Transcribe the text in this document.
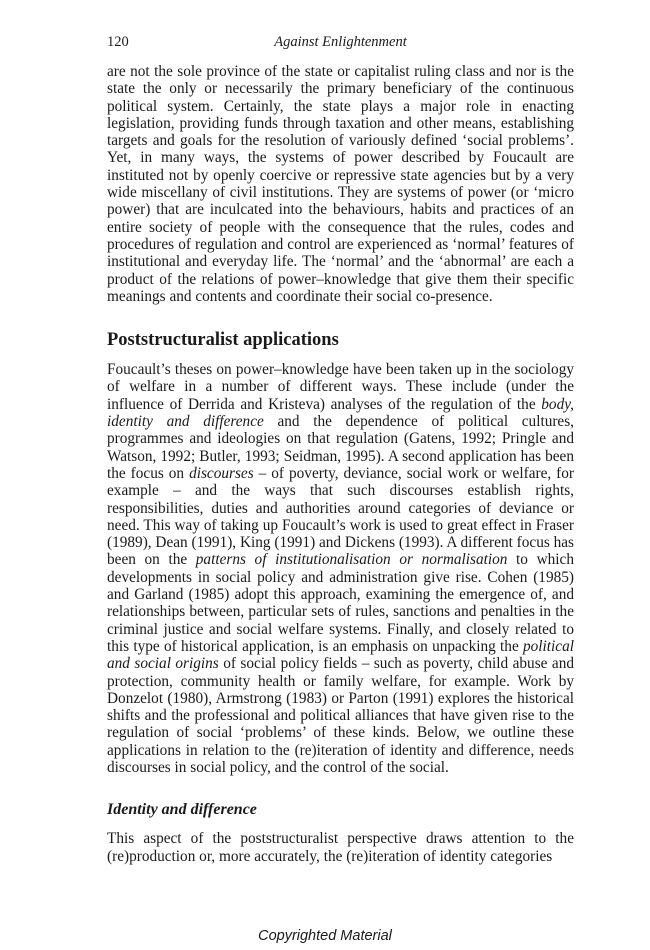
120	Against Enlightenment

are not the sole province of the state or capitalist ruling class and nor is the state the only or necessarily the primary beneficiary of the continuous political system. Certainly, the state plays a major role in enacting legislation, providing funds through taxation and other means, establishing targets and goals for the resolution of variously defined ‘social problems’. Yet, in many ways, the systems of power described by Foucault are instituted not by openly coercive or repressive state agencies but by a very wide miscellany of civil institutions. They are systems of power (or ‘micro power) that are inculcated into the behaviours, habits and practices of an entire society of people with the consequence that the rules, codes and procedures of regulation and control are experienced as ‘normal’ features of institutional and everyday life. The ‘normal’ and the ‘abnormal’ are each a product of the relations of power–knowledge that give them their specific meanings and contents and coordinate their social co-presence.

Poststructuralist applications

Foucault’s theses on power–knowledge have been taken up in the sociology of welfare in a number of different ways. These include (under the influence of Derrida and Kristeva) analyses of the regulation of the body, identity and difference and the dependence of political cultures, programmes and ideologies on that regulation (Gatens, 1992; Pringle and Watson, 1992; Butler, 1993; Seidman, 1995). A second application has been the focus on discourses – of poverty, deviance, social work or welfare, for example – and the ways that such discourses establish rights, responsibilities, duties and authorities around categories of deviance or need. This way of taking up Foucault’s work is used to great effect in Fraser (1989), Dean (1991), King (1991) and Dickens (1993). A different focus has been on the patterns of institutionalisation or normalisation to which developments in social policy and administration give rise. Cohen (1985) and Garland (1985) adopt this approach, examining the emergence of, and relationships between, particular sets of rules, sanctions and penalties in the criminal justice and social welfare systems. Finally, and closely related to this type of historical application, is an emphasis on unpacking the political and social origins of social policy fields – such as poverty, child abuse and protection, community health or family welfare, for example. Work by Donzelot (1980), Armstrong (1983) or Parton (1991) explores the historical shifts and the professional and political alliances that have given rise to the regulation of social ‘problems’ of these kinds. Below, we outline these applications in relation to the (re)iteration of identity and difference, needs discourses in social policy, and the control of the social.

Identity and difference

This aspect of the poststructuralist perspective draws attention to the (re)production or, more accurately, the (re)iteration of identity categories

Copyrighted Material
